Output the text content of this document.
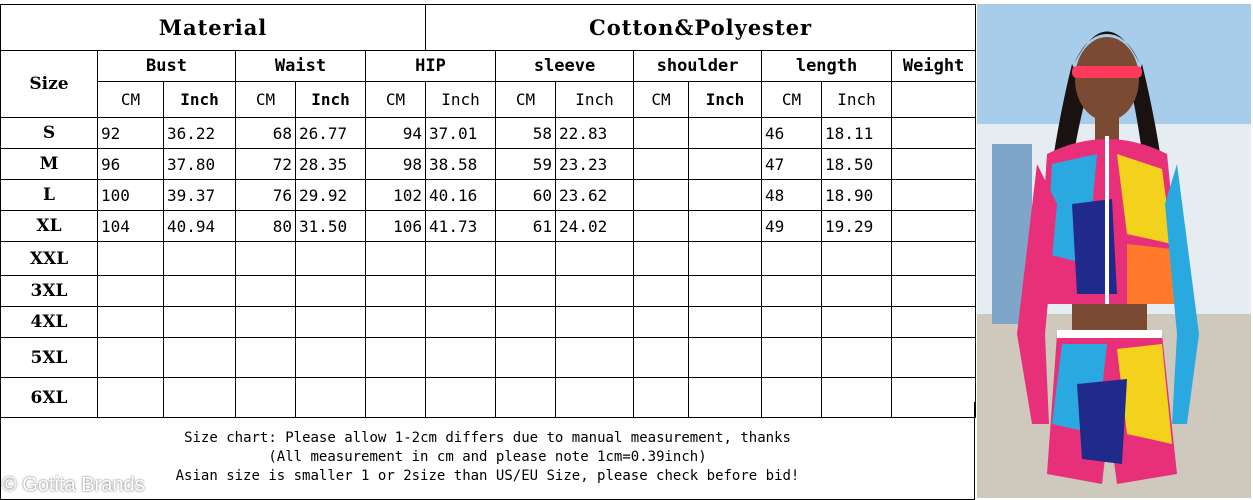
Material						Cotton&Polyester							
Size	Bust		Waist		HIP		sleeve		shoulder		length		Weight
	CM	Inch	CM	Inch	CM	Inch	CM	Inch	CM	Inch	CM	Inch	
S	92	36.22	68	26.77	94	37.01	58	22.83			46	18.11	
M	96	37.80	72	28.35	98	38.58	59	23.23			47	18.50	
L	100	39.37	76	29.92	102	40.16	60	23.62			48	18.90	
XL	104	40.94	80	31.50	106	41.73	61	24.02			49	19.29	
XXL													
3XL													
4XL													
5XL													
6XL													
Size chart: Please allow 1-2cm differs due to manual measurement, thanks
(All measurement in cm and please note 1cm=0.39inch)
Asian size is smaller 1 or 2size than US/EU Size, please check before bid!
© Gotita Brands
